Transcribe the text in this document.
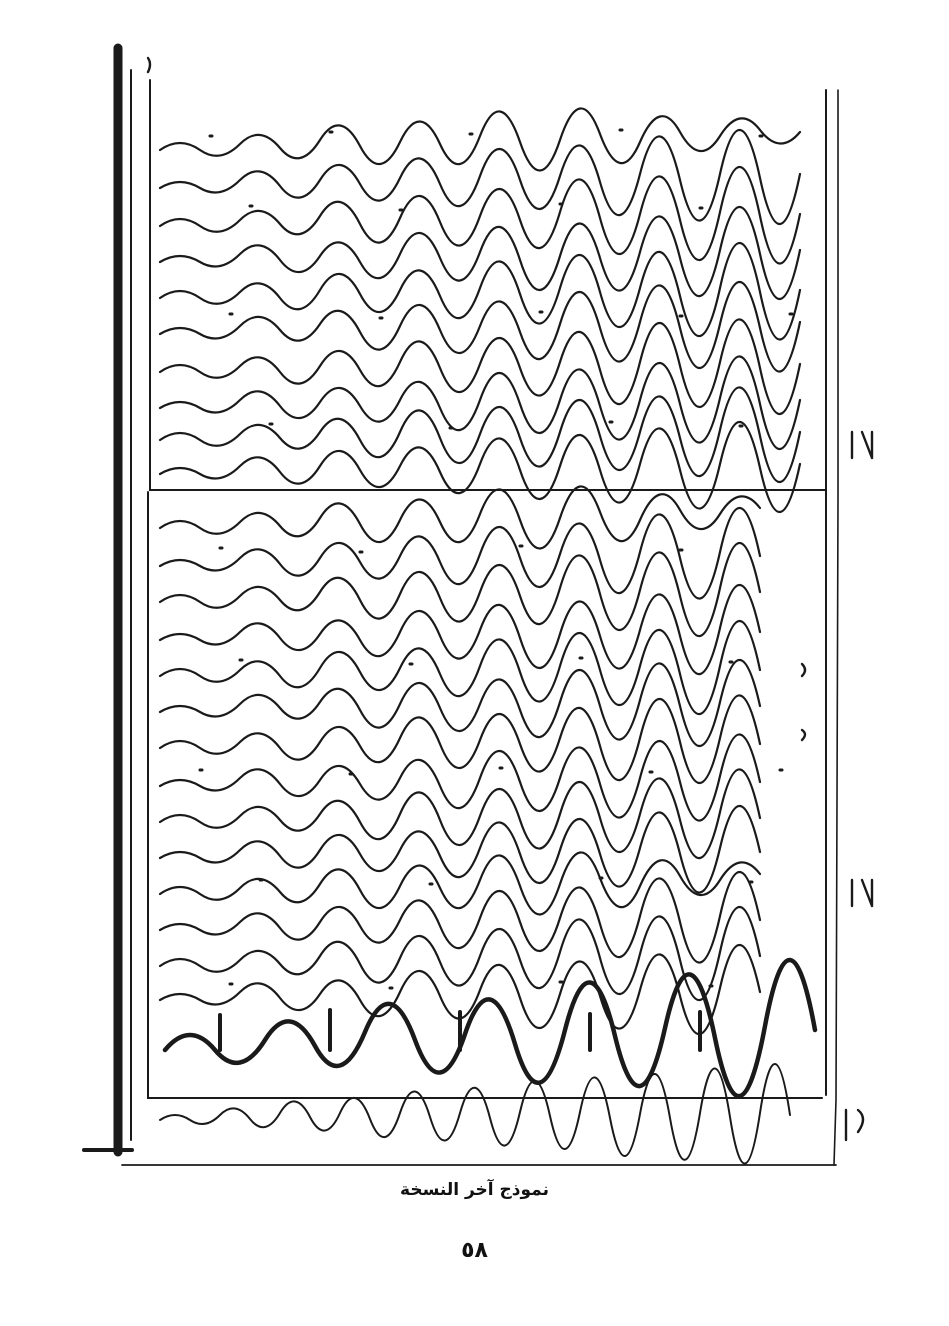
نموذج آخر النسخة
٥٨
